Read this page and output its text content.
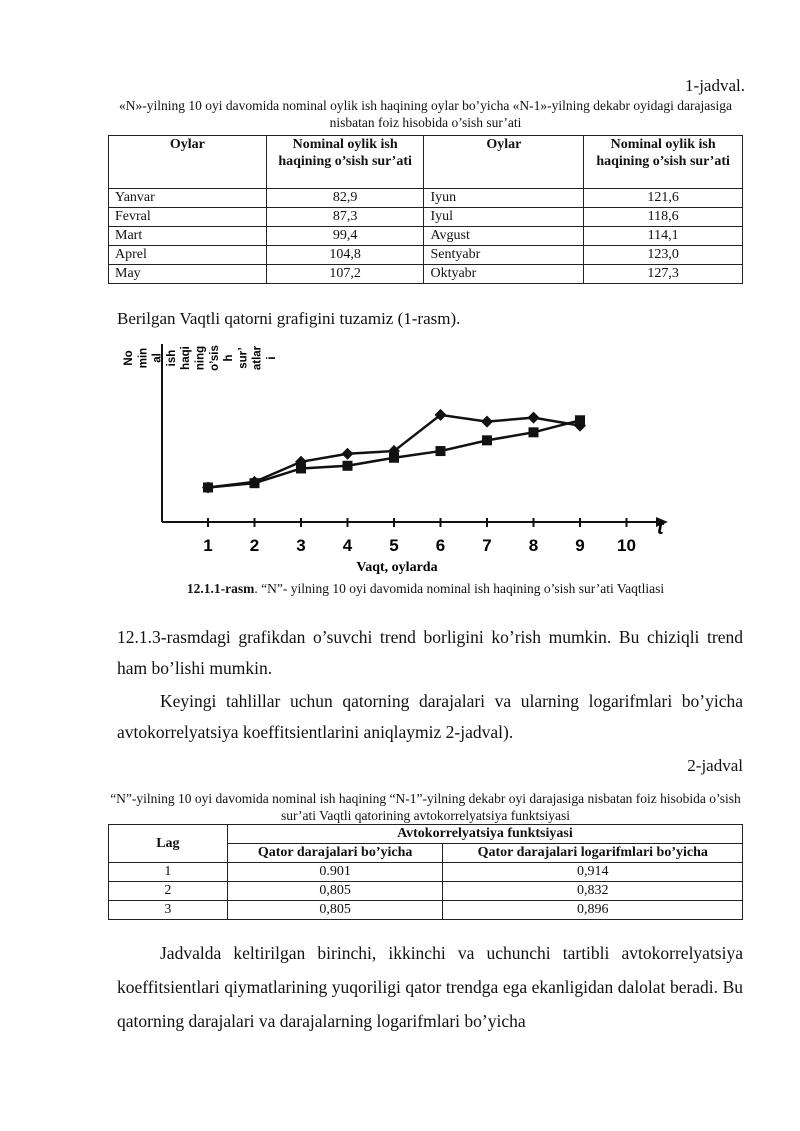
1-jadval.
«N»-yilning 10 oyi davomida nominal oylik ish haqining oylar bo’yicha «N-1»-yilning dekabr oyidagi darajasiga nisbatan foiz hisobida o’sish sur’ati
Oylar	Nominal oylik ish haqining o’sish sur’ati	Oylar	Nominal oylik ish haqining o’sish sur’ati
Yanvar	82,9	Iyun	121,6
Fevral	87,3	Iyul	118,6
Mart	99,4	Avgust	114,1
Aprel	104,8	Sentyabr	123,0
May	107,2	Oktyabr	127,3
Berilgan Vaqtli qatorni grafigini tuzamiz (1-rasm).
t
1 2 3 4 5 6 7 8 9 10
Vaqt, oylarda
No min al ish haqi ning o’sis h sur’ atlar i
12.1.1-rasm. “N”- yilning 10 oyi davomida nominal ish haqining o’sish sur’ati Vaqtliasi
12.1.3-rasmdagi grafikdan o’suvchi trend borligini ko’rish mumkin. Bu chiziqli trend ham bo’lishi mumkin.
Keyingi tahlillar uchun qatorning darajalari va ularning logarifmlari bo’yicha avtokorrelyatsiya koeffitsientlarini aniqlaymiz 2-jadval).
2-jadval
“N”-yilning 10 oyi davomida nominal ish haqining “N-1”-yilning dekabr oyi darajasiga nisbatan foiz hisobida o’sish sur’ati Vaqtli qatorining avtokorrelyatsiya funktsiyasi
Lag	Avtokorrelyatsiya funktsiyasi	
	Qator darajalari bo’yicha	Qator darajalari logarifmlari bo’yicha
1	0.901	0,914
2	0,805	0,832
3	0,805	0,896
Jadvalda keltirilgan birinchi, ikkinchi va uchunchi tartibli avtokorrelyatsiya koeffitsientlari qiymatlarining yuqoriligi qator trendga ega ekanligidan dalolat beradi. Bu qatorning darajalari va darajalarning logarifmlari bo’yicha
